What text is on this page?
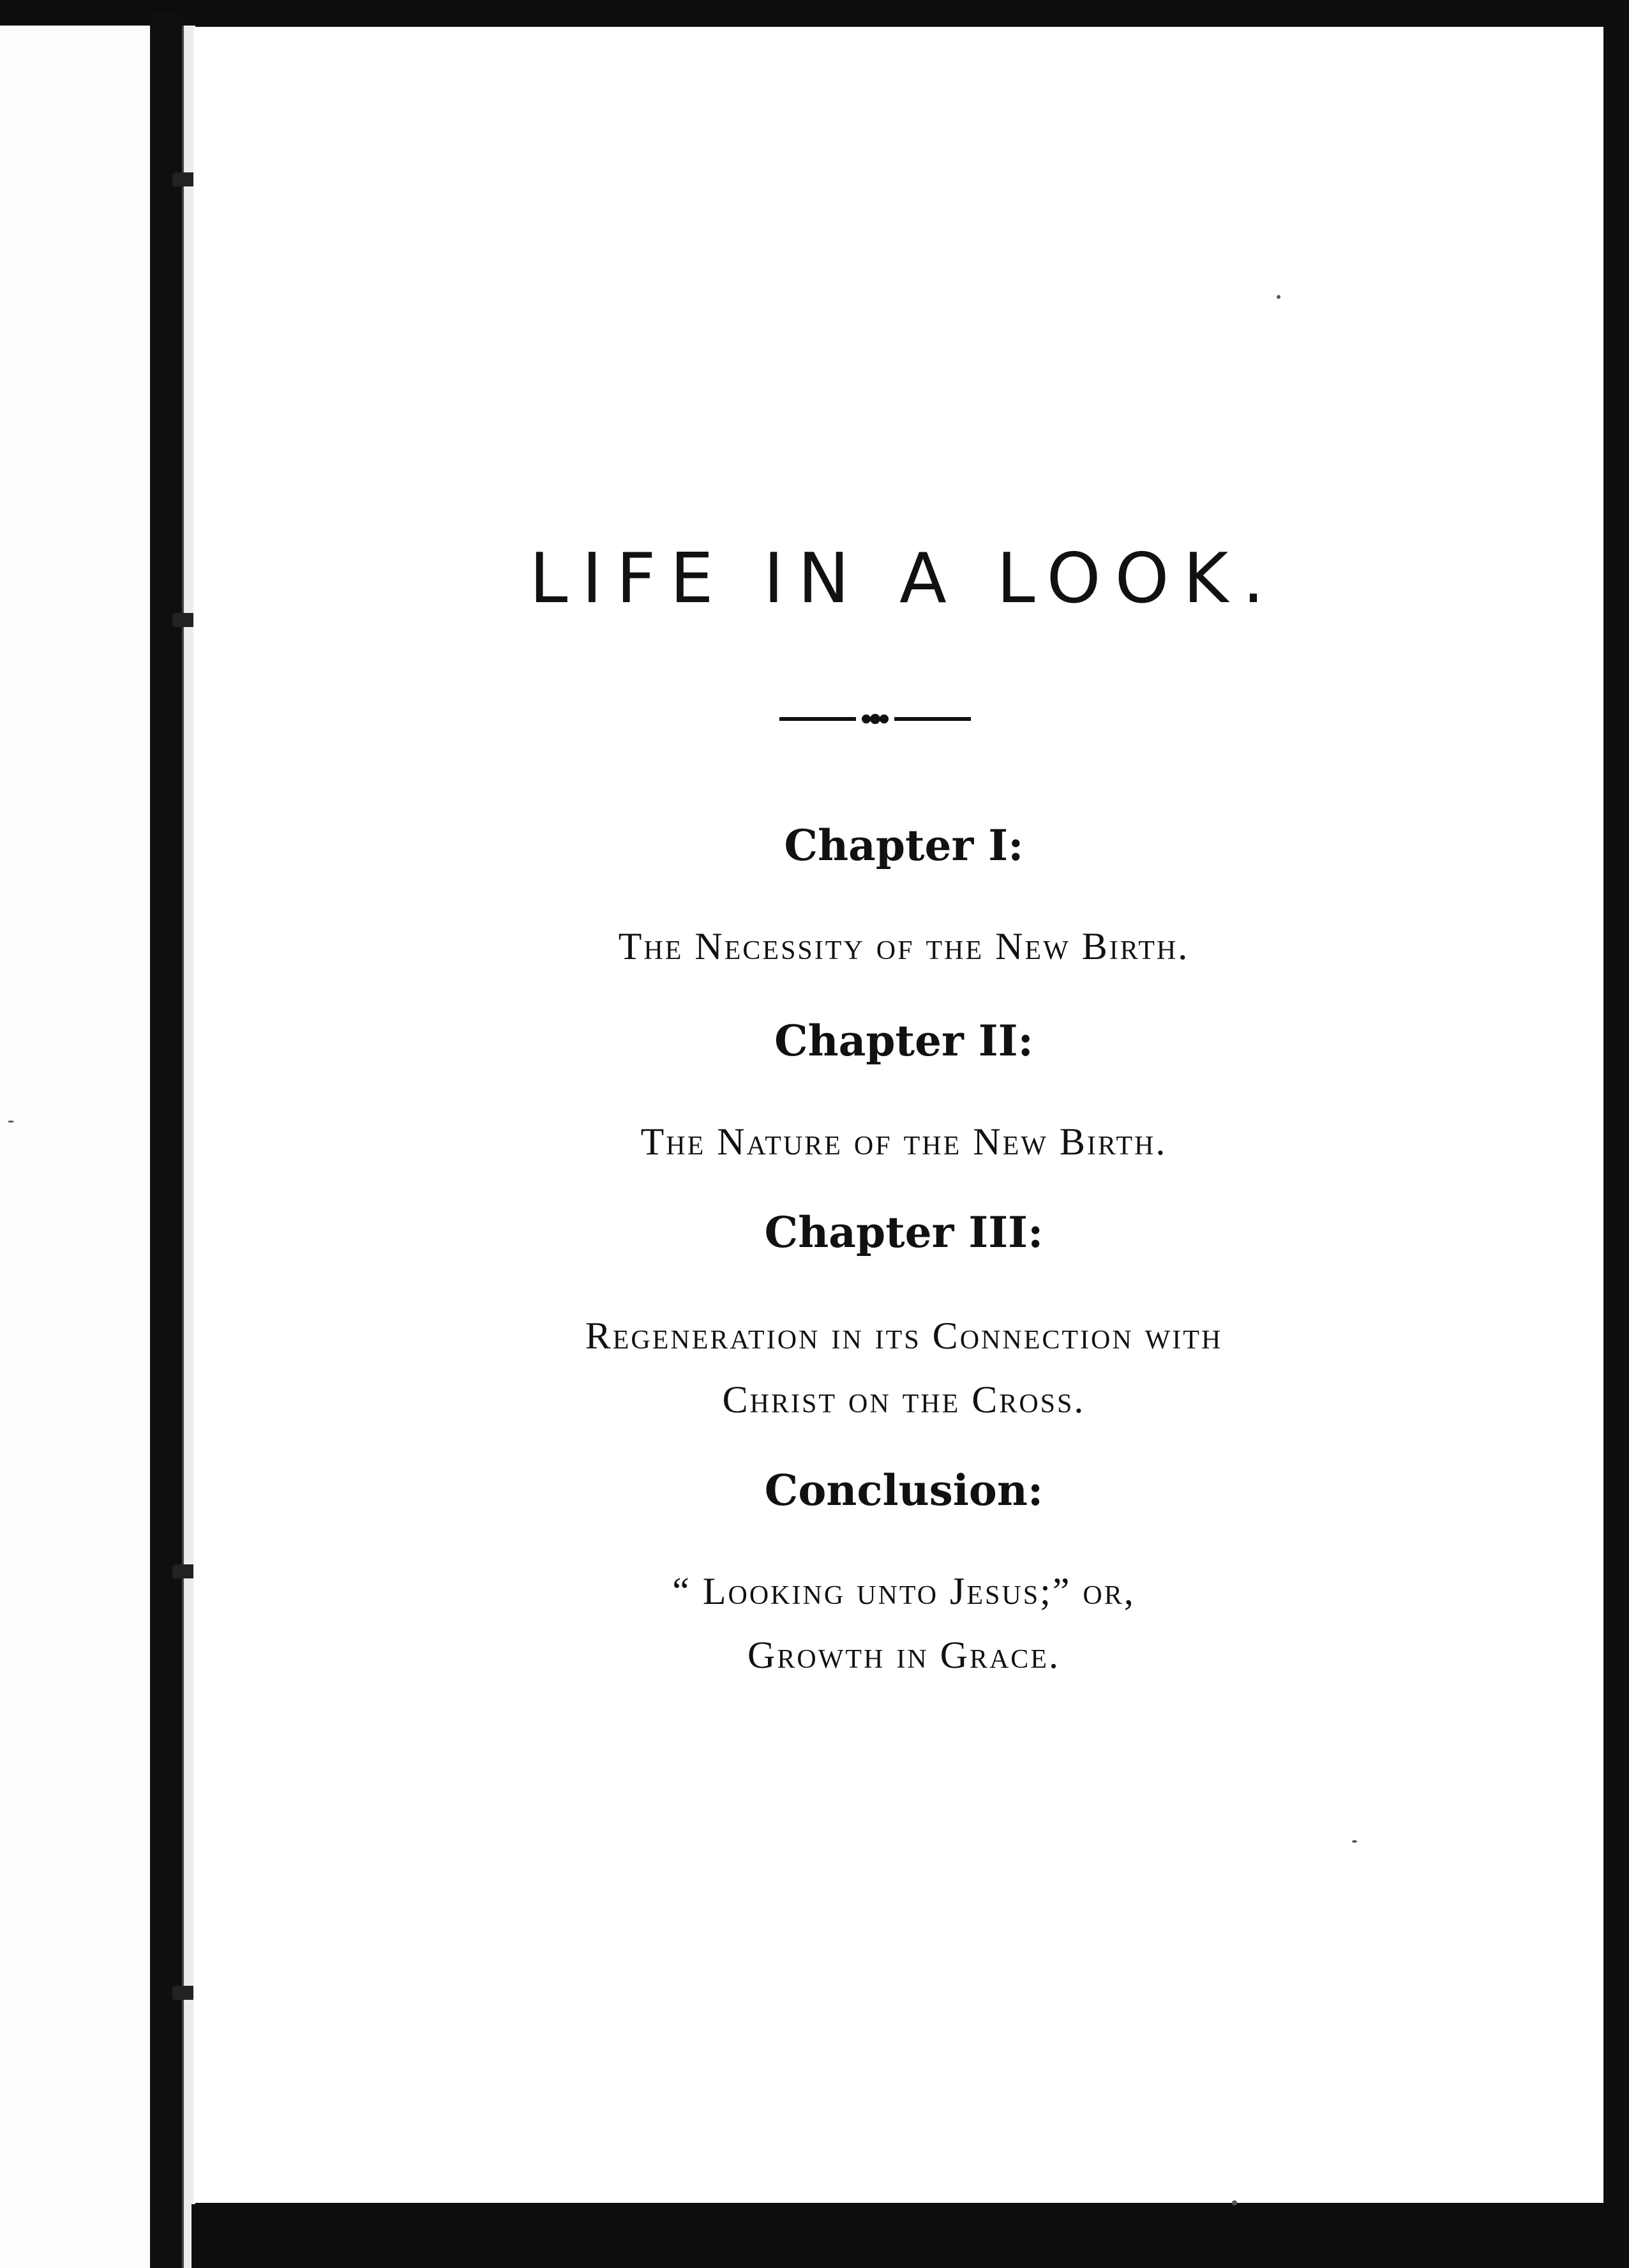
LIFE IN A LOOK.
Chapter I:
The Necessity of the New Birth.
Chapter II:
The Nature of the New Birth.
Chapter III:
Regeneration in its Connection with
Christ on the Cross.
Conclusion:
“ Looking unto Jesus;” or,
Growth in Grace.
